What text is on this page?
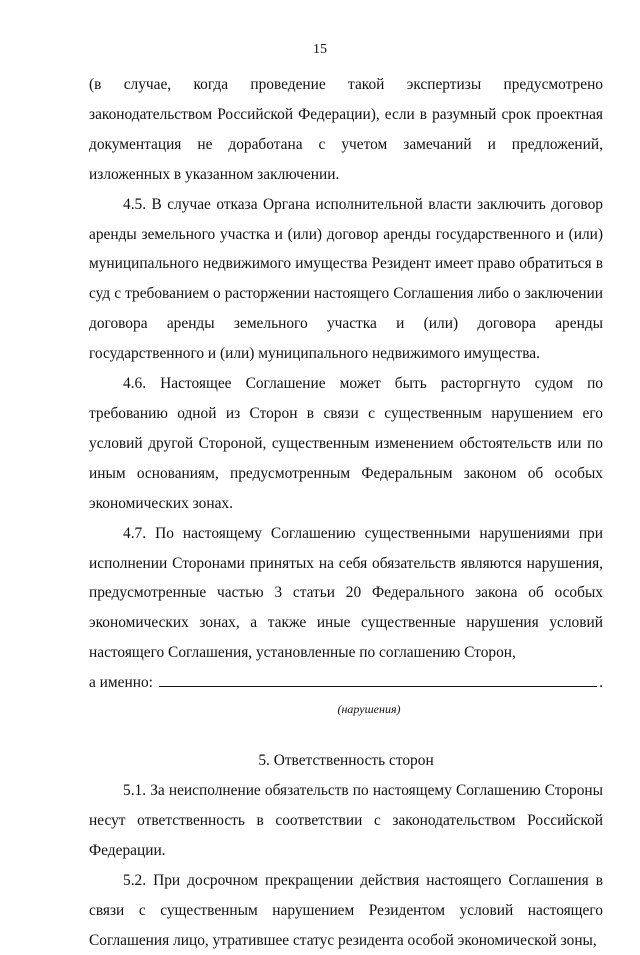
15

(в случае, когда проведение такой экспертизы предусмотрено законодательством Российской Федерации), если в разумный срок проектная документация не доработана с учетом замечаний и предложений, изложенных в указанном заключении.

4.5. В случае отказа Органа исполнительной власти заключить договор аренды земельного участка и (или) договор аренды государственного и (или) муниципального недвижимого имущества Резидент имеет право обратиться в суд с требованием о расторжении настоящего Соглашения либо о заключении договора аренды земельного участка и (или) договора аренды государственного и (или) муниципального недвижимого имущества.

4.6. Настоящее Соглашение может быть расторгнуто судом по требованию одной из Сторон в связи с существенным нарушением его условий другой Стороной, существенным изменением обстоятельств или по иным основаниям, предусмотренным Федеральным законом об особых экономических зонах.

4.7. По настоящему Соглашению существенными нарушениями при исполнении Сторонами принятых на себя обязательств являются нарушения, предусмотренные частью 3 статьи 20 Федерального закона об особых экономических зонах, а также иные существенные нарушения условий настоящего Соглашения, установленные по соглашению Сторон,

а именно:	.

(нарушения)

5. Ответственность сторон

5.1. За неисполнение обязательств по настоящему Соглашению Стороны несут ответственность в соответствии с законодательством Российской Федерации.

5.2. При досрочном прекращении действия настоящего Соглашения в связи с существенным нарушением Резидентом условий настоящего Соглашения лицо, утратившее статус резидента особой экономической зоны,
